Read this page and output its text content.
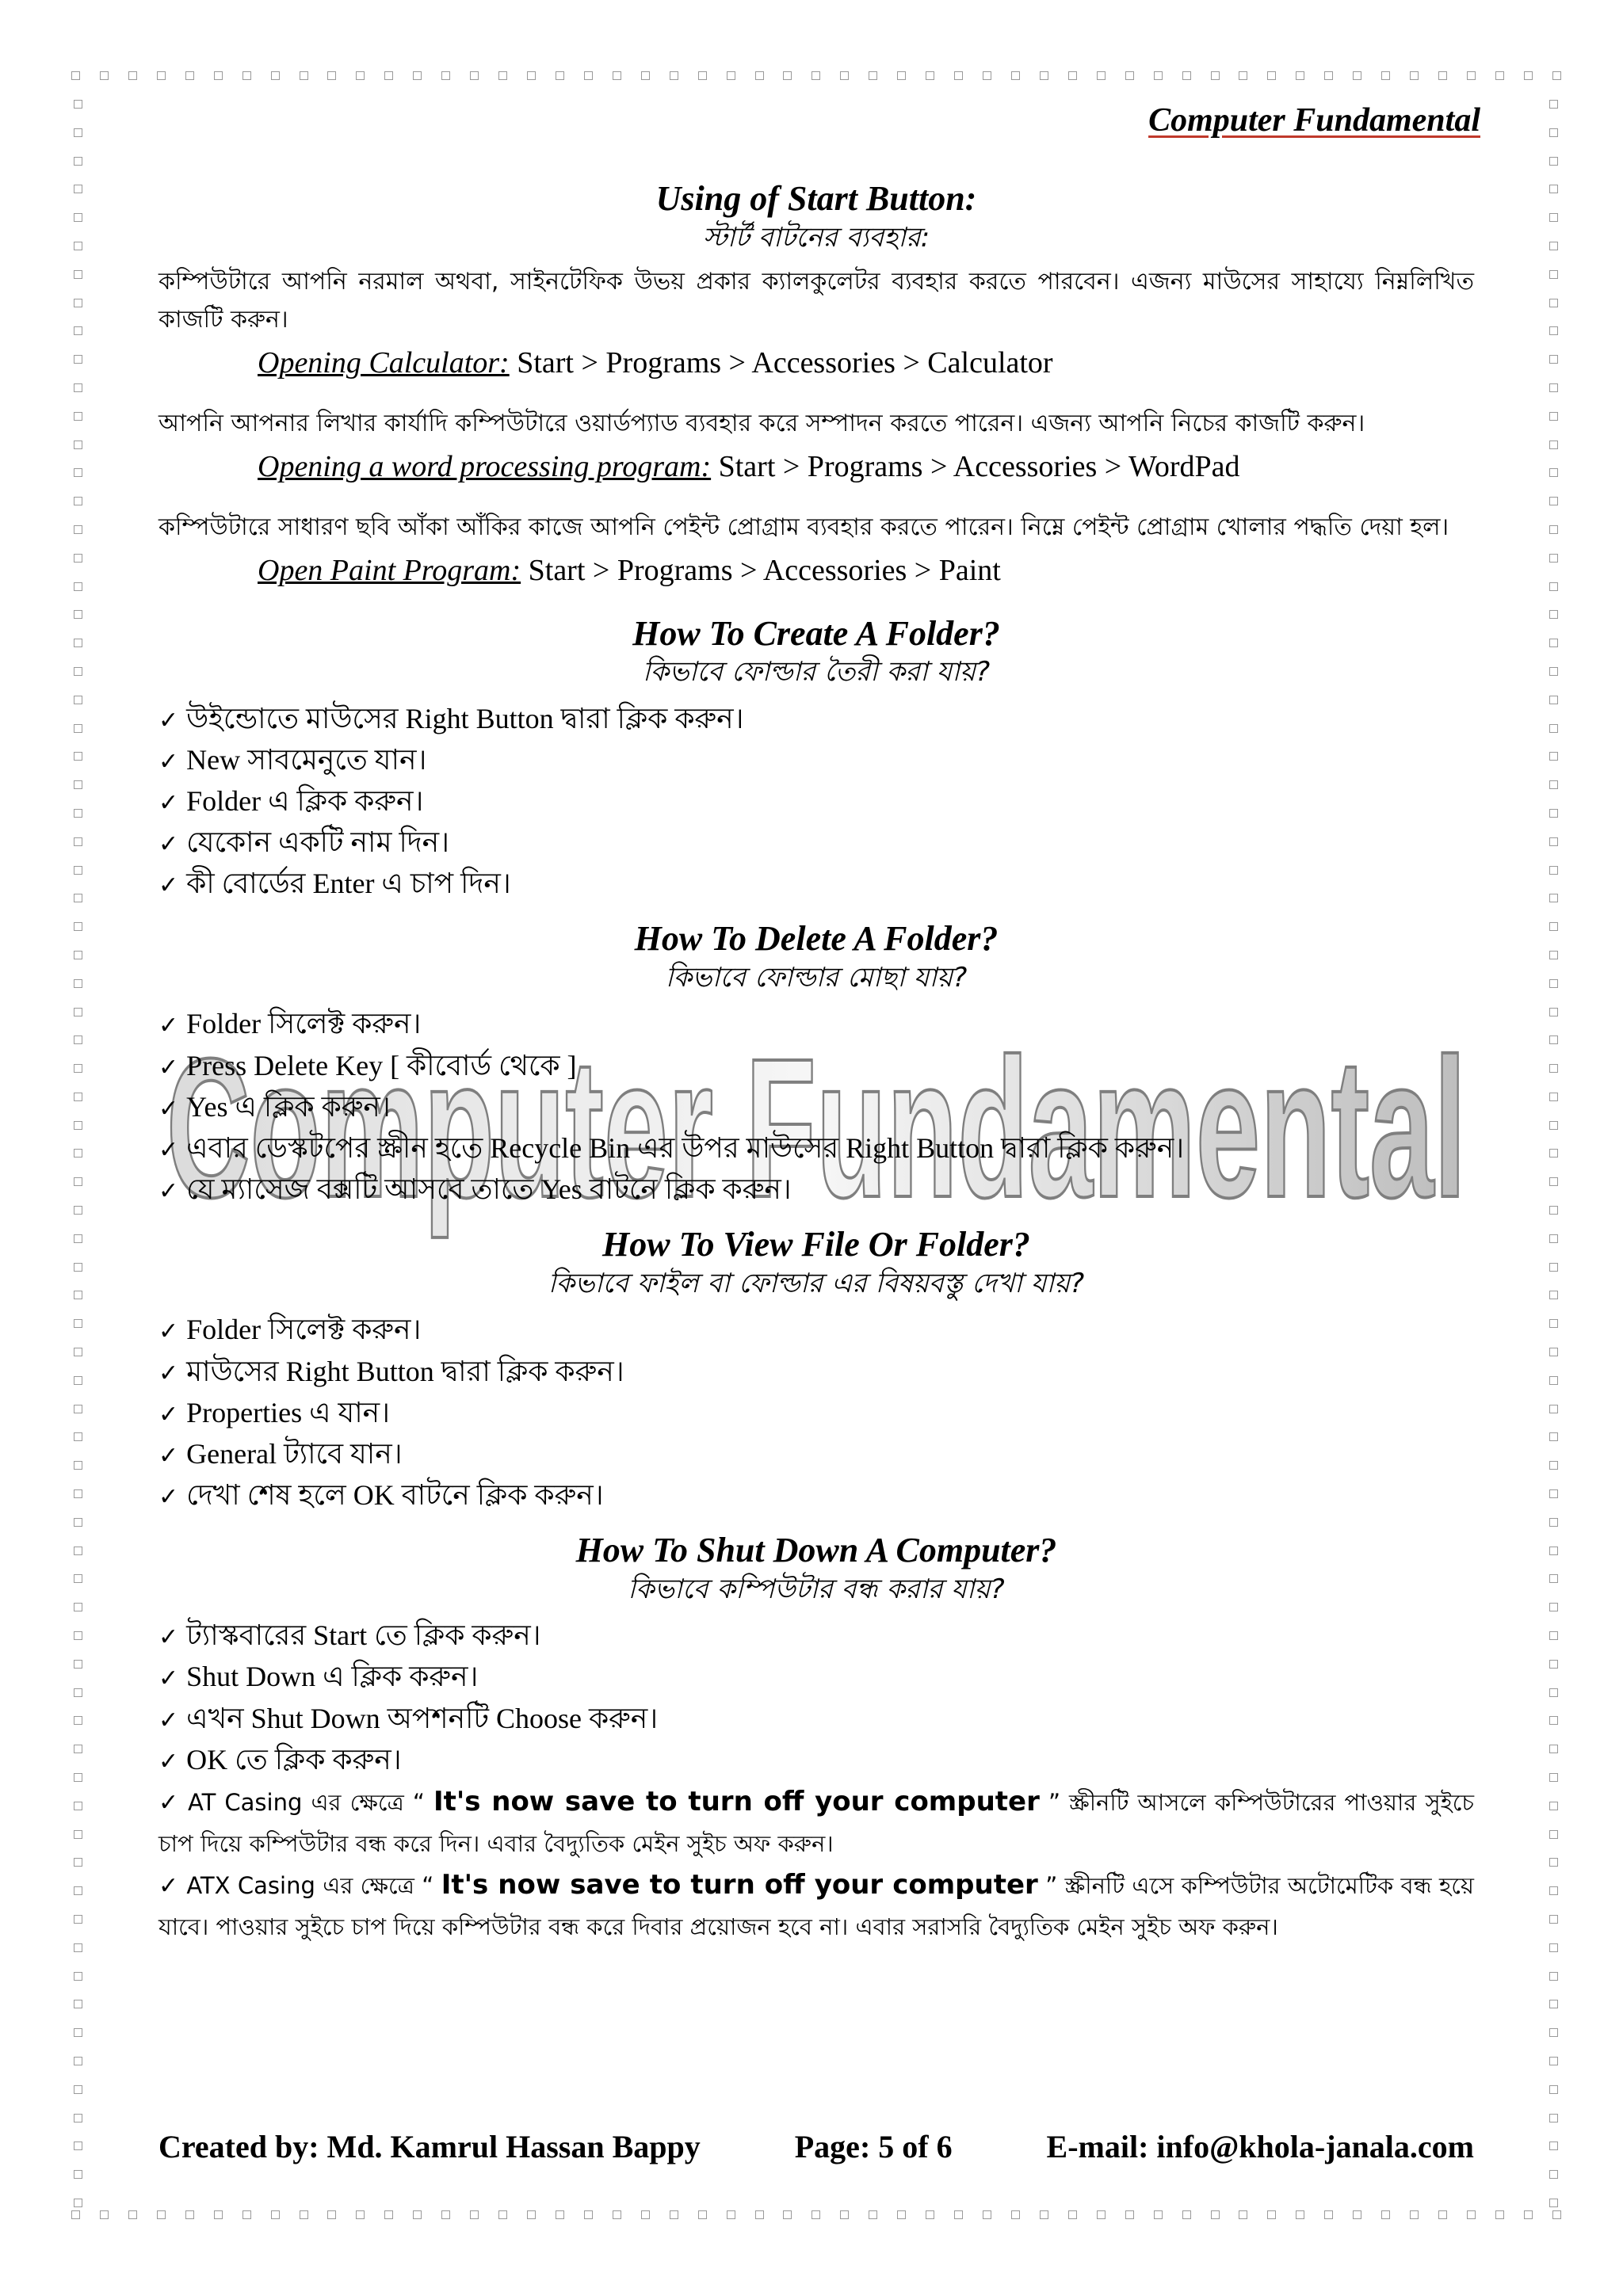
Computer Fundamental
Computer Fundamental

Using of Start Button:

স্টার্ট বাটনের ব্যবহার:

কম্পিউটারে আপনি নরমাল অথবা, সাইনটেফিক উভয় প্রকার ক্যালকুলেটর ব্যবহার করতে পারবেন। এজন্য মাউসের সাহায্যে নিম্নলিখিত কাজটি করুন।

Opening Calculator: Start > Programs > Accessories > Calculator

আপনি আপনার লিখার কার্যাদি কম্পিউটারে ওয়ার্ডপ্যাড ব্যবহার করে সম্পাদন করতে পারেন। এজন্য আপনি নিচের কাজটি করুন।

Opening a word processing program: Start > Programs > Accessories > WordPad

কম্পিউটারে সাধারণ ছবি আঁকা আঁকির কাজে আপনি পেইন্ট প্রোগ্রাম ব্যবহার করতে পারেন। নিম্নে পেইন্ট প্রোগ্রাম খোলার পদ্ধতি দেয়া হল।

Open Paint Program: Start > Programs > Accessories > Paint

How To Create A Folder?

কিভাবে ফোল্ডার তৈরী করা যায়?

✓ উইন্ডোতে মাউসের Right Button দ্বারা ক্লিক করুন।
✓ New সাবমেনুতে যান।
✓ Folder এ ক্লিক করুন।
✓ যেকোন একটি নাম দিন।
✓ কী বোর্ডের Enter এ চাপ দিন।

How To Delete A Folder?

কিভাবে ফোল্ডার মোছা যায়?

✓ Folder সিলেক্ট করুন।
✓ Press Delete Key [ কীবোর্ড থেকে ]
✓ Yes এ ক্লিক করুন।
✓ এবার ডেস্কটপের স্ক্রীন হতে Recycle Bin এর উপর মাউসের Right Button দ্বারা ক্লিক করুন।
✓ যে ম্যাসেজ বক্সটি আসবে তাতে Yes বাটনে ক্লিক করুন।

How To View File Or Folder?

কিভাবে ফাইল বা ফোল্ডার এর বিষয়বস্তু দেখা যায়?

✓ Folder সিলেক্ট করুন।
✓ মাউসের Right Button দ্বারা ক্লিক করুন।
✓ Properties এ যান।
✓ General ট্যাবে যান।
✓ দেখা শেষ হলে OK বাটনে ক্লিক করুন।

How To Shut Down A Computer?

কিভাবে কম্পিউটার বন্ধ করার যায়?

✓ ট্যাস্কবারের Start তে ক্লিক করুন।
✓ Shut Down এ ক্লিক করুন।
✓ এখন Shut Down অপশনটি Choose করুন।
✓ OK তে ক্লিক করুন।
✓ AT Casing এর ক্ষেত্রে “ It's now save to turn off your computer ” স্ক্রীনটি আসলে কম্পিউটারের পাওয়ার সুইচে চাপ দিয়ে কম্পিউটার বন্ধ করে দিন। এবার বৈদ্যুতিক মেইন সুইচ অফ করুন।
✓ ATX Casing এর ক্ষেত্রে “ It's now save to turn off your computer ” স্ক্রীনটি এসে কম্পিউটার অটোমেটিক বন্ধ হয়ে যাবে। পাওয়ার সুইচে চাপ দিয়ে কম্পিউটার বন্ধ করে দিবার প্রয়োজন হবে না। এবার সরাসরি বৈদ্যুতিক মেইন সুইচ অফ করুন।
Created by: Md. Kamrul Hassan Bappy	Page: 5 of 6	E-mail: info@khola-janala.com
